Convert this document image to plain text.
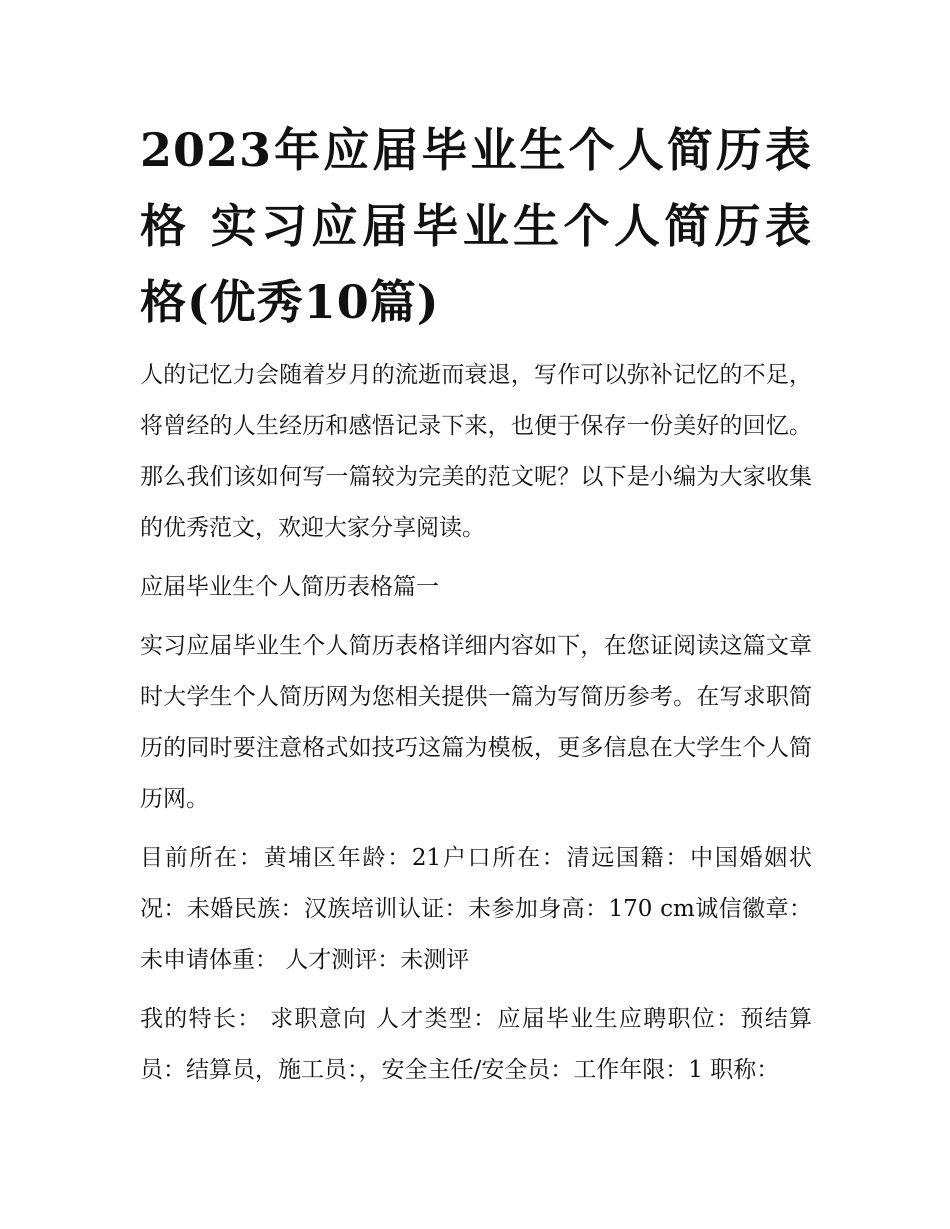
2023年应届毕业生个人简历表格 实习应届毕业生个人简历表格(优秀10篇)

人的记忆力会随着岁月的流逝而衰退，写作可以弥补记忆的不足，将曾经的人生经历和感悟记录下来，也便于保存一份美好的回忆。那么我们该如何写一篇较为完美的范文呢？以下是小编为大家收集的优秀范文，欢迎大家分享阅读。

应届毕业生个人简历表格篇一

实习应届毕业生个人简历表格详细内容如下，在您证阅读这篇文章时大学生个人简历网为您相关提供一篇为写简历参考。在写求职简历的同时要注意格式如技巧这篇为模板，更多信息在大学生个人简历网。

目前所在：黄埔区年龄：21户口所在：清远国籍：中国婚姻状况：未婚民族：汉族培训认证：未参加身高：170 cm诚信徽章：未申请体重： 人才测评：未测评

我的特长： 求职意向 人才类型：应届毕业生应聘职位：预结算员：结算员，施工员：，安全主任/安全员：工作年限：1 职称：
